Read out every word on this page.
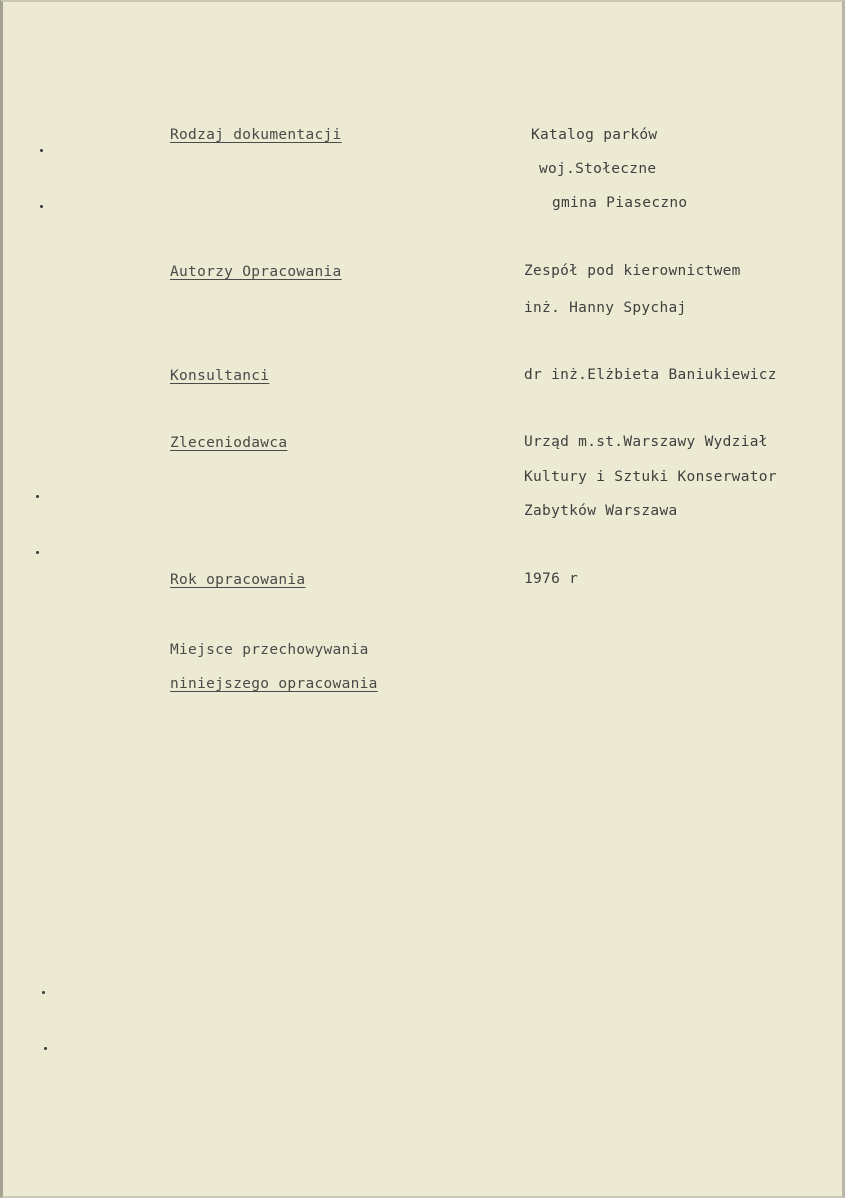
Rodzaj dokumentacji	Katalog parków
woj.Stołeczne
gmina Piaseczno
Autorzy Opracowania	Zespół pod kierownictwem
inż. Hanny Spychaj
Konsultanci	dr inż.Elżbieta Baniukiewicz
Zleceniodawca	Urząd m.st.Warszawy Wydział
Kultury i Sztuki Konserwator
Zabytków Warszawa
Rok opracowania	1976 r
Miejsce przechowywania
niniejszego opracowania
